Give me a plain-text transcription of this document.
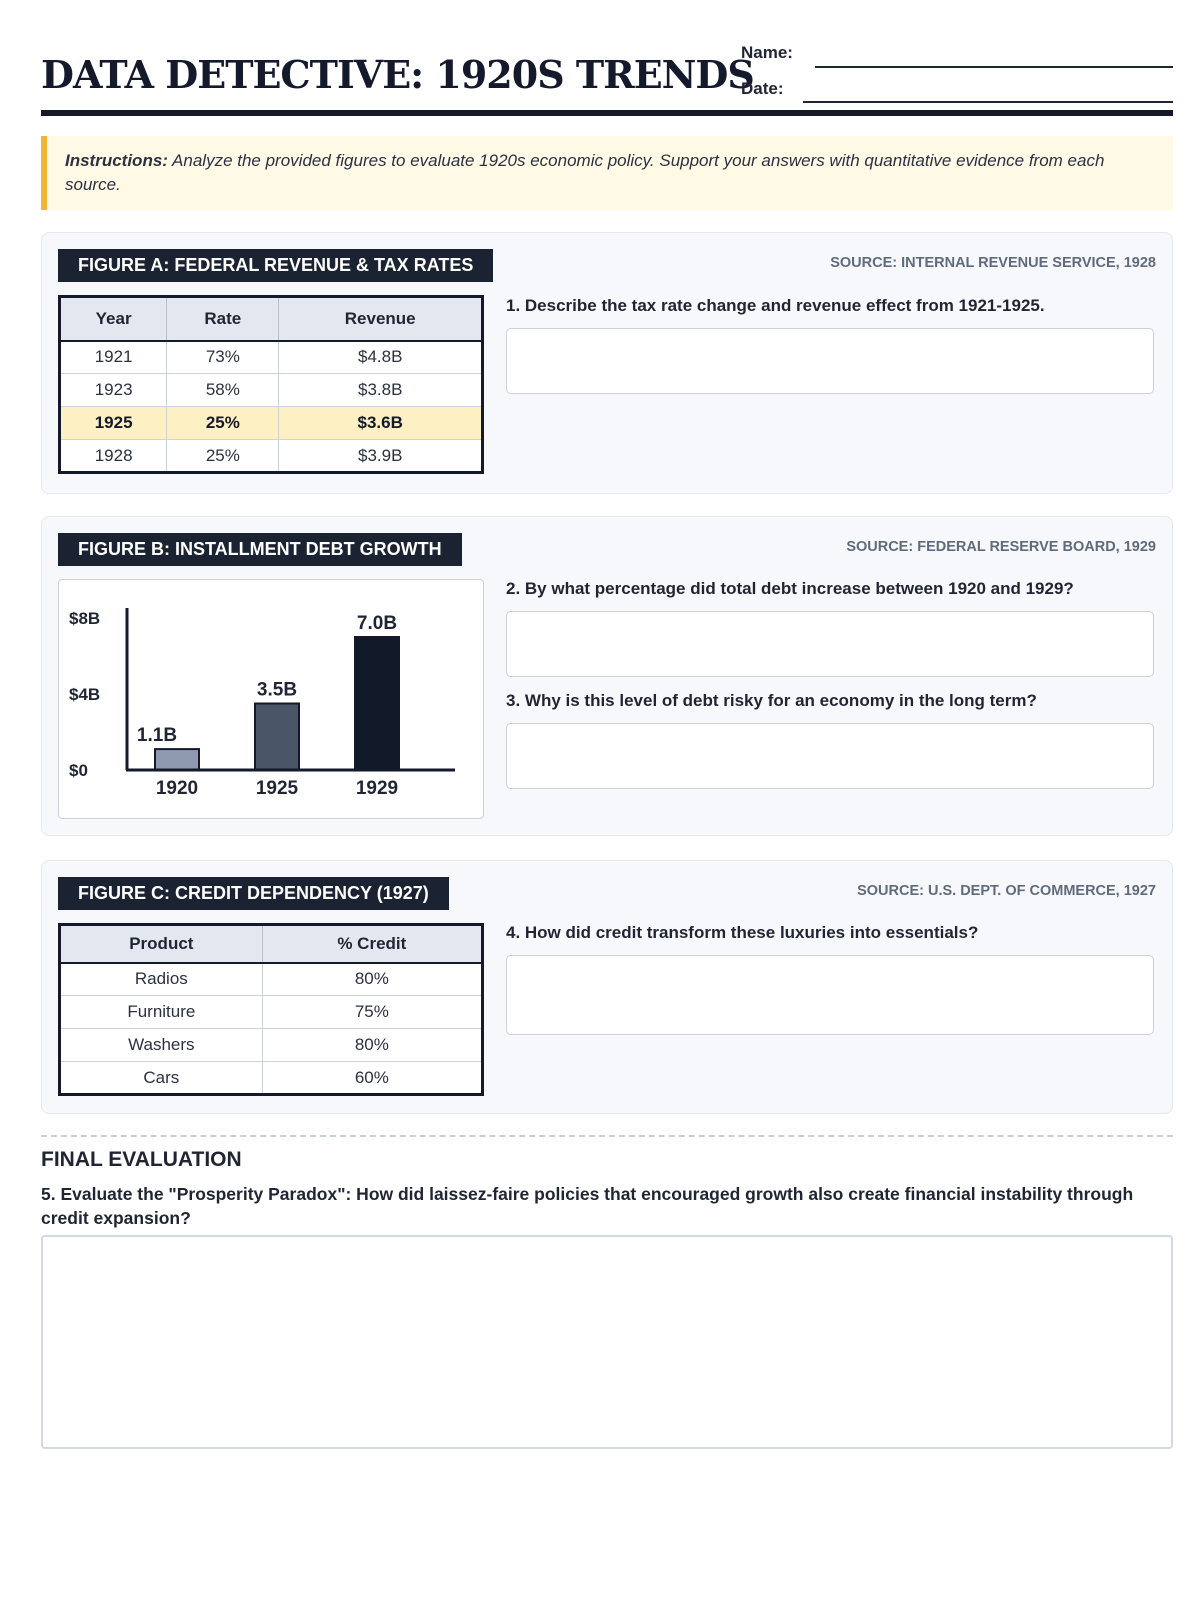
DATA DETECTIVE: 1920S TRENDS
Name:
Date:
Instructions: Analyze the provided figures to evaluate 1920s economic policy. Support your answers with quantitative evidence from each source.
FIGURE A: FEDERAL REVENUE & TAX RATES	SOURCE: INTERNAL REVENUE SERVICE, 1928
Year	Rate	Revenue
1921	73%	$4.8B
1923	58%	$3.8B
1925	25%	$3.6B
1928	25%	$3.9B
1. Describe the tax rate change and revenue effect from 1921-1925.
FIGURE B: INSTALLMENT DEBT GROWTH	SOURCE: FEDERAL RESERVE BOARD, 1929
$0
$4B
$8B
1.1B
3.5B
7.0B
1920	1925	1929
2. By what percentage did total debt increase between 1920 and 1929?
3. Why is this level of debt risky for an economy in the long term?
FIGURE C: CREDIT DEPENDENCY (1927)	SOURCE: U.S. DEPT. OF COMMERCE, 1927
Product	% Credit
Radios	80%
Furniture	75%
Washers	80%
Cars	60%
4. How did credit transform these luxuries into essentials?
FINAL EVALUATION
5. Evaluate the "Prosperity Paradox": How did laissez-faire policies that encouraged growth also create financial instability through credit expansion?
